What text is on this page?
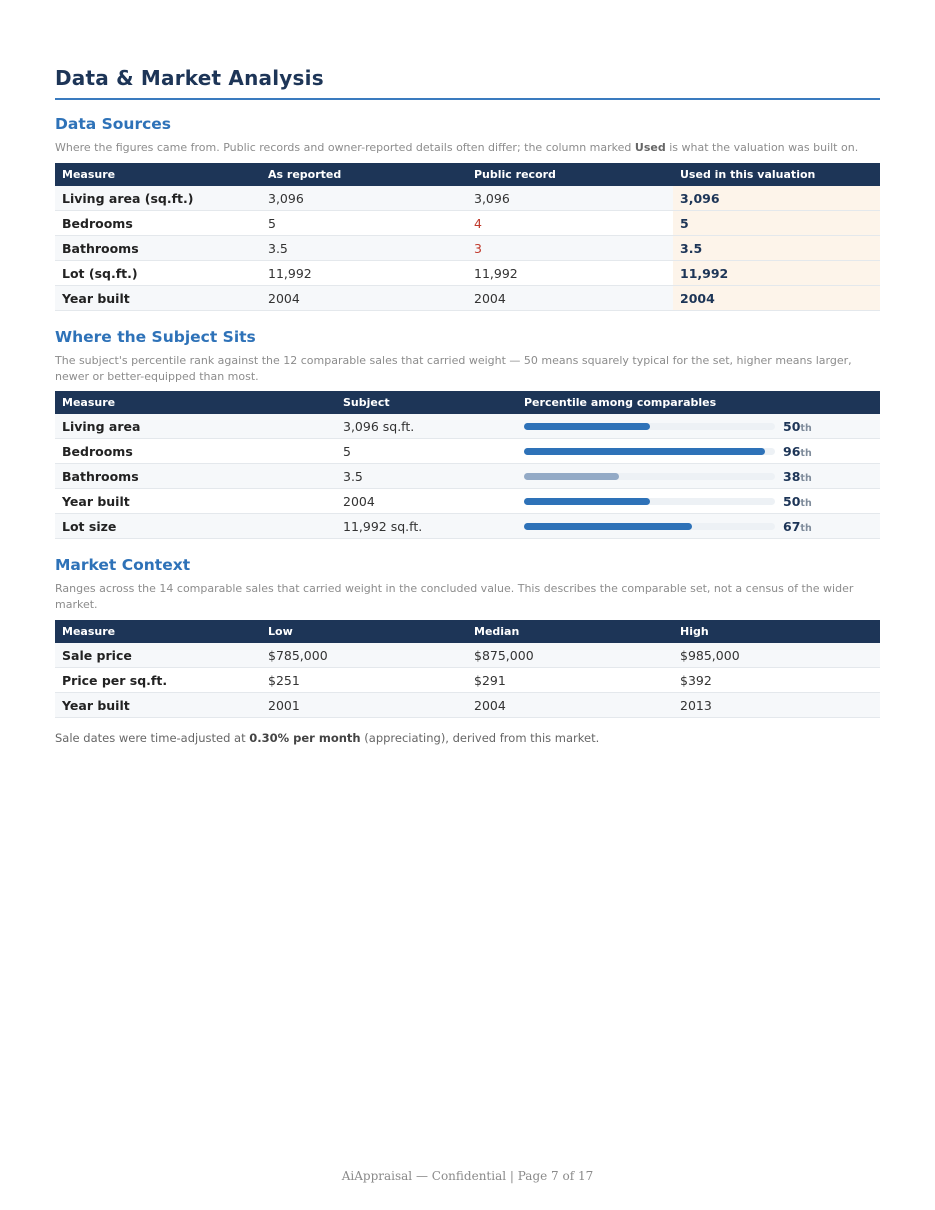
Data & Market Analysis
Data Sources

Where the figures came from. Public records and owner-reported details often differ; the column marked Used is what the valuation was built on.

Measure	As reported	Public record	Used in this valuation
Living area (sq.ft.)	3,096	3,096	3,096
Bedrooms	5	4	5
Bathrooms	3.5	3	3.5
Lot (sq.ft.)	11,992	11,992	11,992
Year built	2004	2004	2004
Where the Subject Sits

The subject's percentile rank against the 12 comparable sales that carried weight — 50 means squarely typical for the set, higher means larger, newer or better-equipped than most.

Measure	Subject	Percentile among comparables
Living area	3,096 sq.ft.	50th

Bedrooms	5	96th

Bathrooms	3.5	38th

Year built	2004	50th

Lot size	11,992 sq.ft.	67th
Market Context

Ranges across the 14 comparable sales that carried weight in the concluded value. This describes the comparable set, not a census of the wider market.

Measure	Low	Median	High
Sale price	$785,000	$875,000	$985,000
Price per sq.ft.	$251	$291	$392
Year built	2001	2004	2013

Sale dates were time-adjusted at 0.30% per month (appreciating), derived from this market.

AiAppraisal — Confidential | Page 7 of 17
